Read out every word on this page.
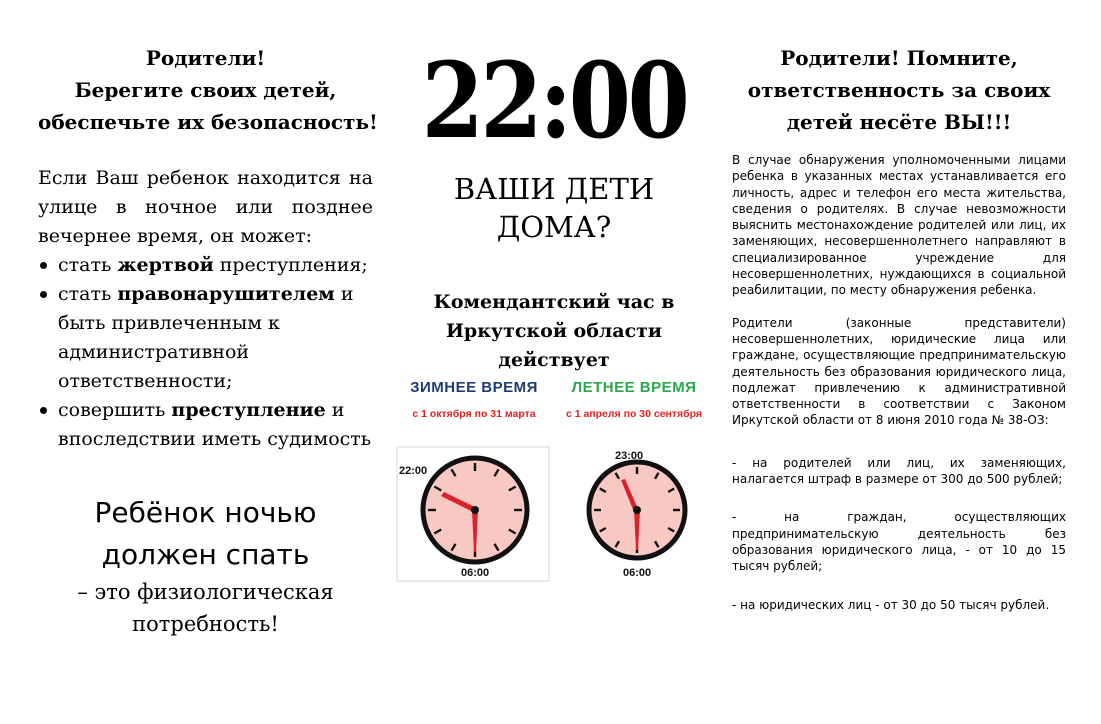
Родители!
Берегите своих детей,
обеспечьте их безопасность!
Если Ваш ребенок находится на
улице в ночное или позднее
вечернее время, он может:
стать жертвой преступления;
стать правонарушителем и быть привлеченным к административной ответственности;
совершить преступление и впоследствии иметь судимость
Ребёнок ночью
должен спать
– это физиологическая
потребность!
22:00
ВАШИ ДЕТИ
ДОМА?
Комендантский час в
Иркутской области действует
ЗИМНЕЕ ВРЕМЯ
с 1 октября по 31 марта
ЛЕТНЕЕ ВРЕМЯ
с 1 апреля по 30 сентября
22:00
06:00
23:00
06:00
Родители! Помните,
ответственность за своих
детей несёте ВЫ!!!

В случае обнаружения уполномоченными лицами ребенка в указанных местах устанавливается его личность, адрес и телефон его места жительства, сведения о родителях. В случае невозможности выяснить местонахождение родителей или лиц, их заменяющих, несовершеннолетнего направляют в специализированное учреждение для несовершеннолетних, нуждающихся в социальной реабилитации, по месту обнаружения ребенка.

Родители (законные представители) несовершеннолетних, юридические лица или граждане, осуществляющие предпринимательскую деятельность без образования юридического лица, подлежат привлечению к административной ответственности в соответствии с Законом Иркутской области от 8 июня 2010 года № 38-ОЗ:

- на родителей или лиц, их заменяющих, налагается штраф в размере от 300 до 500 рублей;

- на граждан, осуществляющих предпринимательскую деятельность без образования юридического лица, - от 10 до 15 тысяч рублей;

- на юридических лиц - от 30 до 50 тысяч рублей.
